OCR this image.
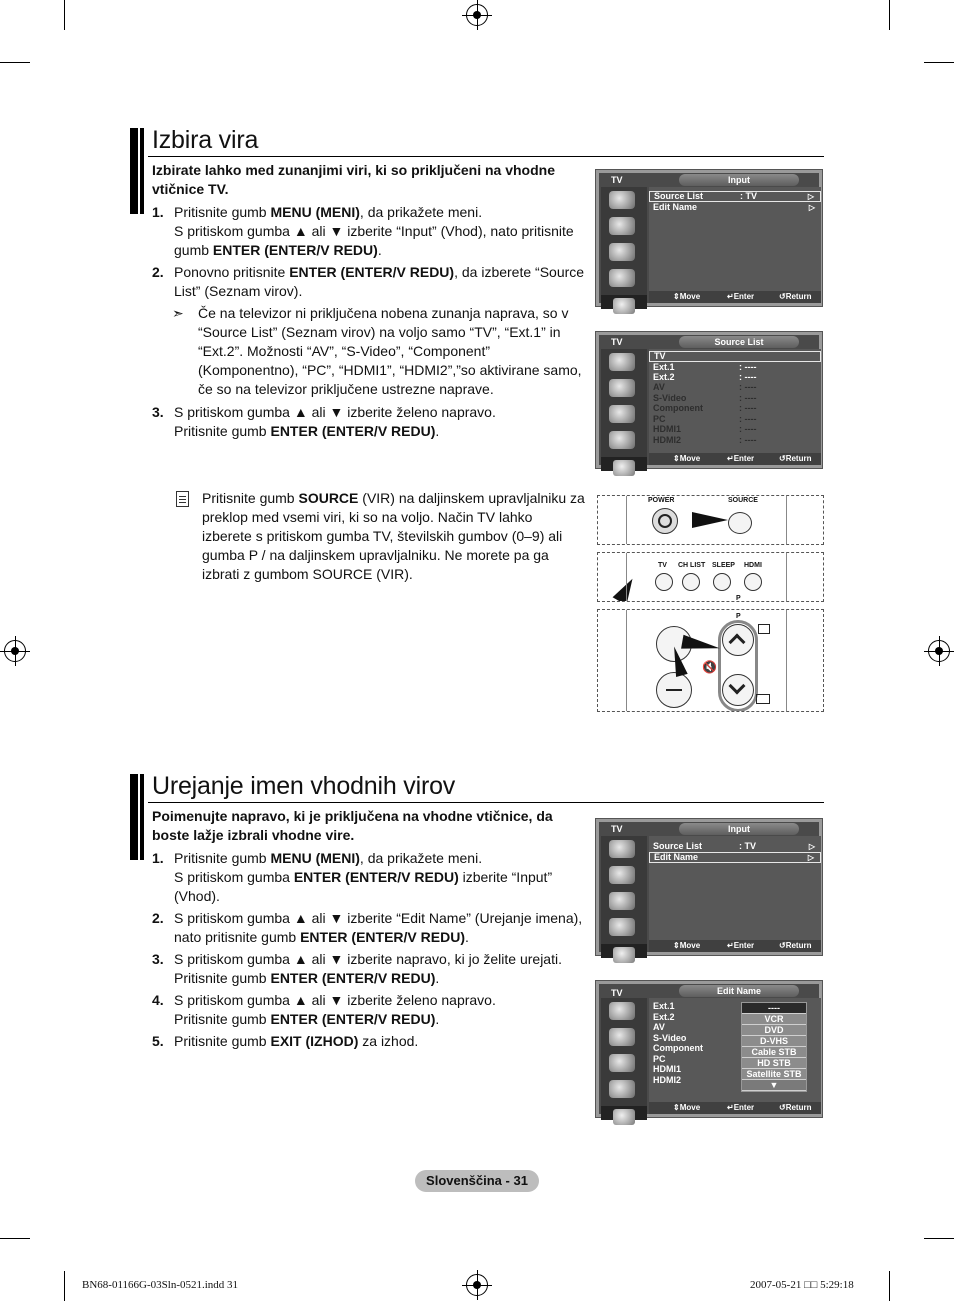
Izbira vira

Izbirate lahko med zunanjimi viri, ki so priključeni na vhodne vtičnice TV.

1. Pritisnite gumb MENU (MENI), da prikažete meni.
S pritiskom gumba ▲ ali ▼ izberite “Input” (Vhod), nato pritisnite gumb ENTER (ENTER/V REDU).
2. Ponovno pritisnite ENTER (ENTER/V REDU), da izberete “Source List” (Seznam virov).
➣ Če na televizor ni priključena nobena zunanja naprava, so v “Source List” (Seznam virov) na voljo samo “TV”, “Ext.1” in “Ext.2”. Možnosti “AV”, “S-Video”, “Component” (Komponentno), “PC”, “HDMI1”, “HDMI2”,”so aktivirane samo, če so na televizor priključene ustrezne naprave.
3. S pritiskom gumba ▲ ali ▼ izberite želeno napravo.
Pritisnite gumb ENTER (ENTER/V REDU).
Pritisnite gumb SOURCE (VIR) na daljinskem upravljalniku za preklop med vsemi viri, ki so na voljo. Način TV lahko izberete s pritiskom gumba TV, številskih gumbov (0–9) ali gumba P / na daljinskem upravljalniku. Ne morete pa ga izbrati z gumbom SOURCE (VIR).
TV	Input
Source List	: TV	▷
Edit Name	▷
⇕ Move	↵ Enter	↺ Return
TV	Source List
TV
Ext.1	: ----
Ext.2	: ----
AV	: ----
S-Video	: ----
Component	: ----
PC	: ----
HDMI1	: ----
HDMI2	: ----
⇕ Move	↵ Enter	↺ Return
POWER	SOURCE
TV CH LIST SLEEP HDMI
P
P
🔇
Urejanje imen vhodnih virov

Poimenujte napravo, ki je priključena na vhodne vtičnice, da boste lažje izbrali vhodne vire.

1. Pritisnite gumb MENU (MENI), da prikažete meni.
S pritiskom gumba ENTER (ENTER/V REDU) izberite “Input” (Vhod).
2. S pritiskom gumba ▲ ali ▼ izberite “Edit Name” (Urejanje imena), nato pritisnite gumb ENTER (ENTER/V REDU).
3. S pritiskom gumba ▲ ali ▼ izberite napravo, ki jo želite urejati.
Pritisnite gumb ENTER (ENTER/V REDU).
4. S pritiskom gumba ▲ ali ▼ izberite želeno napravo.
Pritisnite gumb ENTER (ENTER/V REDU).
5. Pritisnite gumb EXIT (IZHOD) za izhod.
TV	Input
Source List	: TV	▷
Edit Name	▷
⇕ Move	↵ Enter	↺ Return
TV	Edit Name
Ext.1
Ext.2
AV
S-Video
Component
PC
HDMI1
HDMI2
----
VCR
DVD
D-VHS
Cable STB
HD STB
Satellite STB
▼
⇕ Move	↵ Enter	↺ Return
Slovenščina - 31
BN68-01166G-03Sln-0521.indd 31	2007-05-21 □□ 5:29:18
